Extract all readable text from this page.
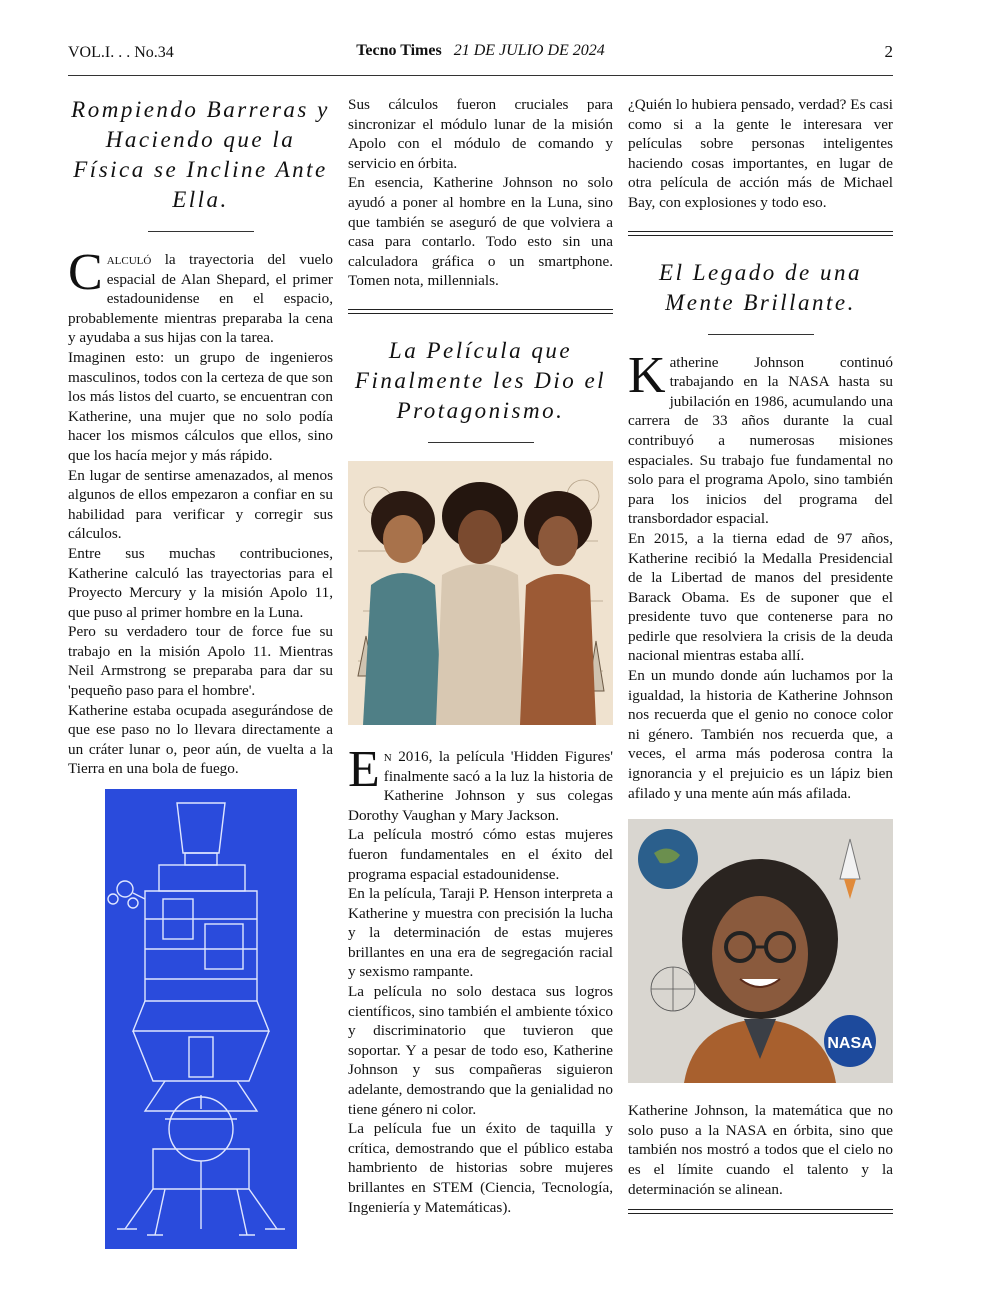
VOL.I. . . No.34	Tecno Times 21 DE JULIO DE 2024	2
Rompiendo Barreras y Haciendo que la Física se Incline Ante Ella.

Calculó la trayectoria del vuelo espacial de Alan Shepard, el primer estadounidense en el espacio, probablemente mientras preparaba la cena y ayudaba a sus hijas con la tarea.

Imaginen esto: un grupo de ingenieros masculinos, todos con la certeza de que son los más listos del cuarto, se encuentran con Katherine, una mujer que no solo podía hacer los mismos cálculos que ellos, sino que los hacía mejor y más rápido.

En lugar de sentirse amenazados, al menos algunos de ellos empezaron a confiar en su habilidad para verificar y corregir sus cálculos.

Entre sus muchas contribuciones, Katherine calculó las trayectorias para el Proyecto Mercury y la misión Apolo 11, que puso al primer hombre en la Luna.

Pero su verdadero tour de force fue su trabajo en la misión Apolo 11. Mientras Neil Armstrong se preparaba para dar su 'pequeño paso para el hombre'.

Katherine estaba ocupada asegurándose de que ese paso no lo llevara directamente a un cráter lunar o, peor aún, de vuelta a la Tierra en una bola de fuego.

Sus cálculos fueron cruciales para sincronizar el módulo lunar de la misión Apolo con el módulo de comando y servicio en órbita.

En esencia, Katherine Johnson no solo ayudó a poner al hombre en la Luna, sino que también se aseguró de que volviera a casa para contarlo. Todo esto sin una calculadora gráfica o un smartphone. Tomen nota, millennials.

La Película que Finalmente les Dio el Protagonismo.

En 2016, la película 'Hidden Figures' finalmente sacó a la luz la historia de Katherine Johnson y sus colegas Dorothy Vaughan y Mary Jackson.

La película mostró cómo estas mujeres fueron fundamentales en el éxito del programa espacial estadounidense.

En la película, Taraji P. Henson interpreta a Katherine y muestra con precisión la lucha y la determinación de estas mujeres brillantes en una era de segregación racial y sexismo rampante.

La película no solo destaca sus logros científicos, sino también el ambiente tóxico y discriminatorio que tuvieron que soportar. Y a pesar de todo eso, Katherine Johnson y sus compañeras siguieron adelante, demostrando que la genialidad no tiene género ni color.

La película fue un éxito de taquilla y crítica, demostrando que el público estaba hambriento de historias sobre mujeres brillantes en STEM (Ciencia, Tecnología, Ingeniería y Matemáticas).

¿Quién lo hubiera pensado, verdad? Es casi como si a la gente le interesara ver películas sobre personas inteligentes haciendo cosas importantes, en lugar de otra película de acción más de Michael Bay, con explosiones y todo eso.

El Legado de una Mente Brillante.

Katherine Johnson continuó trabajando en la NASA hasta su jubilación en 1986, acumulando una carrera de 33 años durante la cual contribuyó a numerosas misiones espaciales. Su trabajo fue fundamental no solo para el programa Apolo, sino también para los inicios del programa del transbordador espacial.

En 2015, a la tierna edad de 97 años, Katherine recibió la Medalla Presidencial de la Libertad de manos del presidente Barack Obama. Es de suponer que el presidente tuvo que contenerse para no pedirle que resolviera la crisis de la deuda nacional mientras estaba allí.

En un mundo donde aún luchamos por la igualdad, la historia de Katherine Johnson nos recuerda que el genio no conoce color ni género. También nos recuerda que, a veces, el arma más poderosa contra la ignorancia y el prejuicio es un lápiz bien afilado y una mente aún más afilada.

NASA

Katherine Johnson, la matemática que no solo puso a la NASA en órbita, sino que también nos mostró a todos que el cielo no es el límite cuando el talento y la determinación se alinean.
